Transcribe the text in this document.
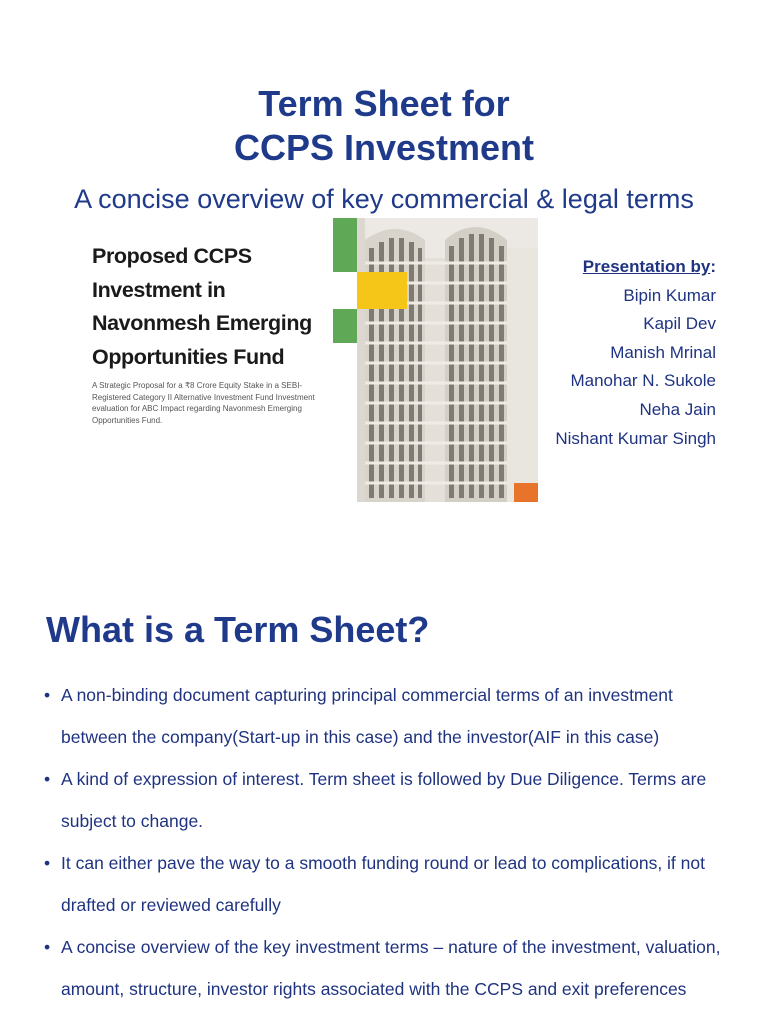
Term Sheet for
CCPS Investment
A concise overview of key commercial & legal terms
Proposed CCPS
Investment in
Navonmesh Emerging
Opportunities Fund
A Strategic Proposal for a ₹8 Crore Equity Stake in a SEBI-Registered Category II Alternative Investment Fund Investment evaluation for ABC Impact regarding Navonmesh Emerging Opportunities Fund.
Presentation by:
Bipin Kumar
Kapil Dev
Manish Mrinal
Manohar N. Sukole
Neha Jain
Nishant Kumar Singh
What is a Term Sheet?
• A non-binding document capturing principal commercial terms of an investment between the company(Start-up in this case) and the investor(AIF in this case)
• A kind of expression of interest. Term sheet is followed by Due Diligence. Terms are subject to change.
• It can either pave the way to a smooth funding round or lead to complications, if not drafted or reviewed carefully
• A concise overview of the key investment terms – nature of the investment, valuation, amount, structure, investor rights associated with the CCPS and exit preferences
